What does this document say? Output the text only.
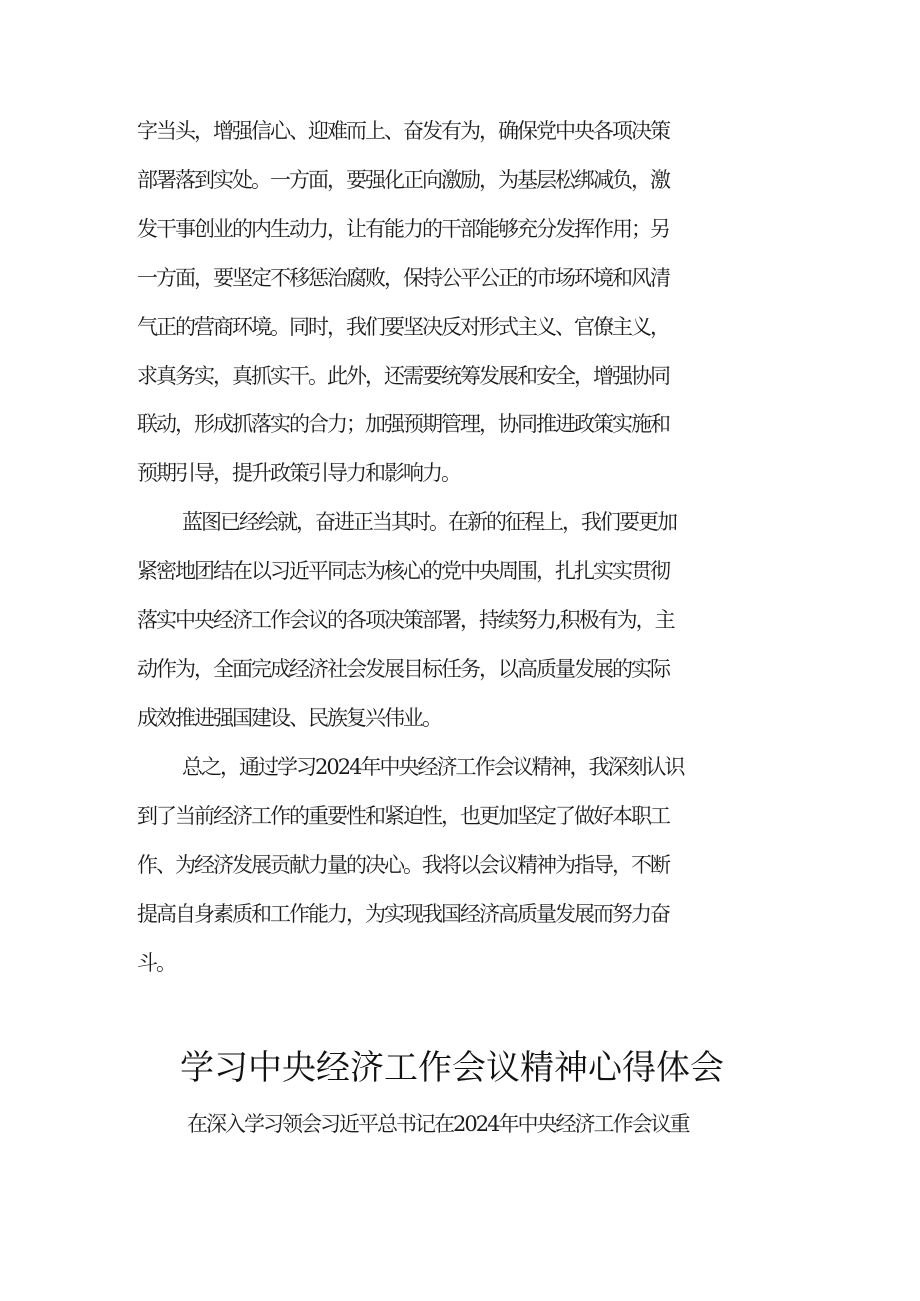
字当头，增强信心、迎难而上、奋发有为，确保党中央各项决策
部署落到实处。一方面，要强化正向激励，为基层松绑减负，激
发干事创业的内生动力，让有能力的干部能够充分发挥作用；另
一方面，要坚定不移惩治腐败，保持公平公正的市场环境和风清
气正的营商环境。同时，我们要坚决反对形式主义、官僚主义，
求真务实，真抓实干。此外，还需要统筹发展和安全，增强协同
联动，形成抓落实的合力；加强预期管理，协同推进政策实施和
预期引导，提升政策引导力和影响力。
蓝图已经绘就，奋进正当其时。在新的征程上，我们要更加
紧密地团结在以习近平同志为核心的党中央周围，扎扎实实贯彻
落实中央经济工作会议的各项决策部署，持续努力,积极有为，主
动作为，全面完成经济社会发展目标任务，以高质量发展的实际
成效推进强国建设、民族复兴伟业。
总之，通过学习2024年中央经济工作会议精神，我深刻认识
到了当前经济工作的重要性和紧迫性，也更加坚定了做好本职工
作、为经济发展贡献力量的决心。我将以会议精神为指导，不断
提高自身素质和工作能力，为实现我国经济高质量发展而努力奋
斗。
学习中央经济工作会议精神心得体会
在深入学习领会习近平总书记在2024年中央经济工作会议重
